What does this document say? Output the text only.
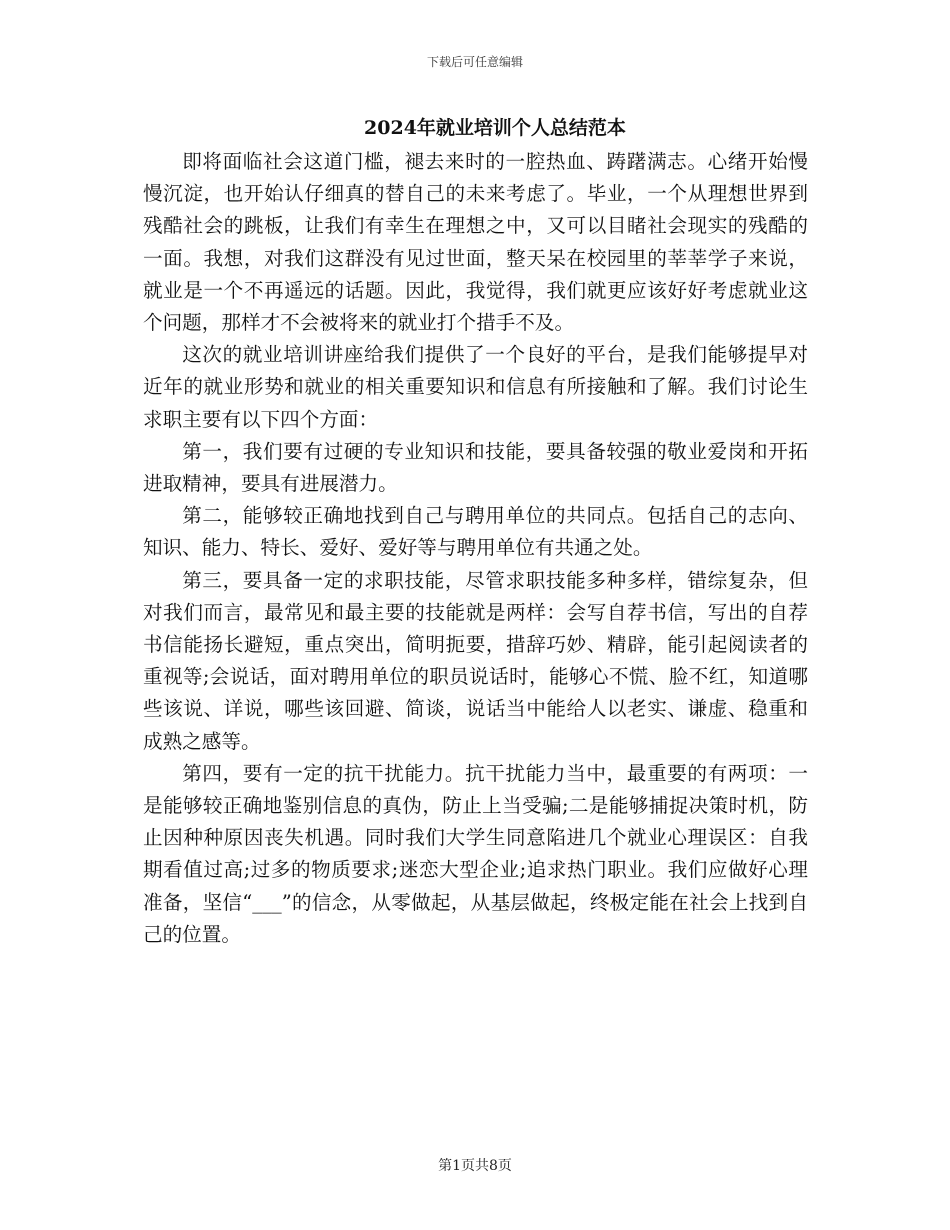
下载后可任意编辑
2024年就业培训个人总结范本

即将面临社会这道门槛，褪去来时的一腔热血、踌躇满志。心绪开始慢慢沉淀，也开始认仔细真的替自己的未来考虑了。毕业，一个从理想世界到残酷社会的跳板，让我们有幸生在理想之中，又可以目睹社会现实的残酷的一面。我想，对我们这群没有见过世面，整天呆在校园里的莘莘学子来说，就业是一个不再遥远的话题。因此，我觉得，我们就更应该好好考虑就业这个问题，那样才不会被将来的就业打个措手不及。

这次的就业培训讲座给我们提供了一个良好的平台，是我们能够提早对近年的就业形势和就业的相关重要知识和信息有所接触和了解。我们讨论生求职主要有以下四个方面：

第一，我们要有过硬的专业知识和技能，要具备较强的敬业爱岗和开拓进取精神，要具有进展潜力。

第二，能够较正确地找到自己与聘用单位的共同点。包括自己的志向、知识、能力、特长、爱好、爱好等与聘用单位有共通之处。

第三，要具备一定的求职技能，尽管求职技能多种多样，错综复杂，但对我们而言，最常见和最主要的技能就是两样：会写自荐书信，写出的自荐书信能扬长避短，重点突出，简明扼要，措辞巧妙、精辟，能引起阅读者的重视等;会说话，面对聘用单位的职员说话时，能够心不慌、脸不红，知道哪些该说、详说，哪些该回避、简谈，说话当中能给人以老实、谦虚、稳重和成熟之感等。

第四，要有一定的抗干扰能力。抗干扰能力当中，最重要的有两项：一是能够较正确地鉴别信息的真伪，防止上当受骗;二是能够捕捉决策时机，防止因种种原因丧失机遇。同时我们大学生同意陷进几个就业心理误区：自我期看值过高;过多的物质要求;迷恋大型企业;追求热门职业。我们应做好心理准备，坚信“___”的信念，从零做起，从基层做起，终极定能在社会上找到自己的位置。

第1页共8页
